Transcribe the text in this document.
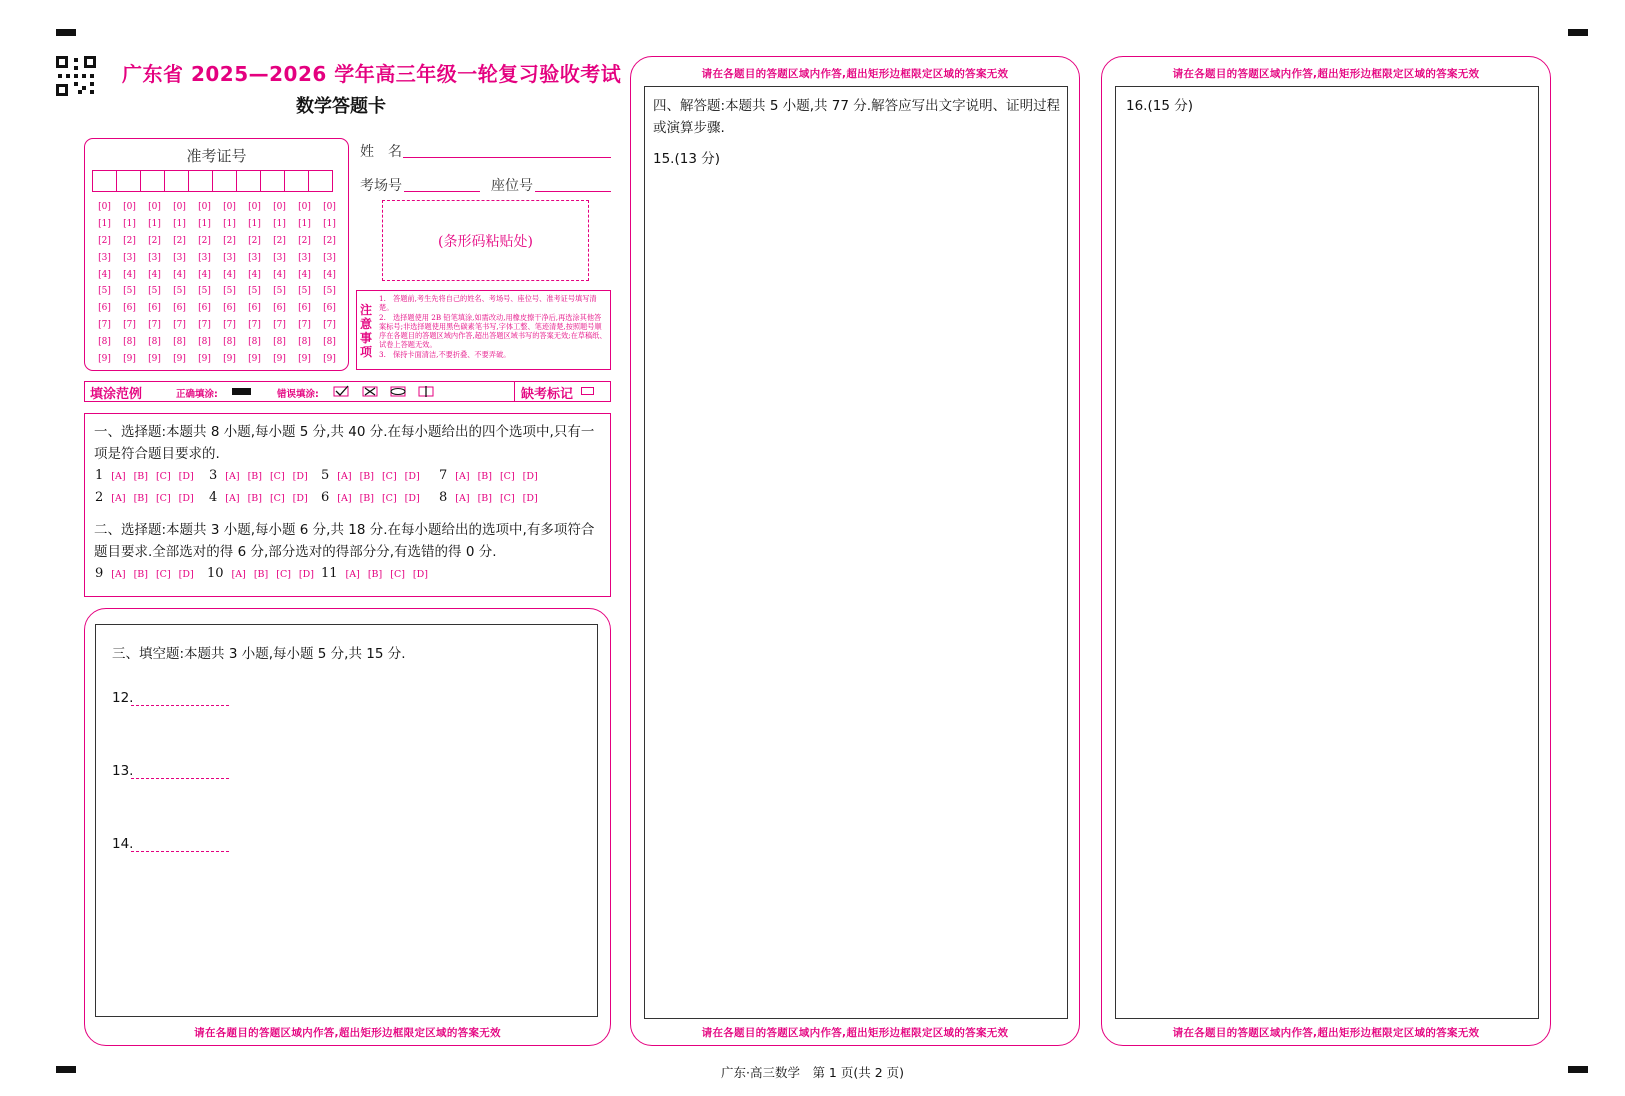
广东省 2025—2026 学年高三年级一轮复习验收考试
数学答题卡
准考证号
[0]	[0]	[0]	[0]	[0]	[0]	[0]	[0]	[0]	[0]
[1]	[1]	[1]	[1]	[1]	[1]	[1]	[1]	[1]	[1]
[2]	[2]	[2]	[2]	[2]	[2]	[2]	[2]	[2]	[2]
[3]	[3]	[3]	[3]	[3]	[3]	[3]	[3]	[3]	[3]
[4]	[4]	[4]	[4]	[4]	[4]	[4]	[4]	[4]	[4]
[5]	[5]	[5]	[5]	[5]	[5]	[5]	[5]	[5]	[5]
[6]	[6]	[6]	[6]	[6]	[6]	[6]	[6]	[6]	[6]
[7]	[7]	[7]	[7]	[7]	[7]	[7]	[7]	[7]	[7]
[8]	[8]	[8]	[8]	[8]	[8]	[8]	[8]	[8]	[8]
[9]	[9]	[9]	[9]	[9]	[9]	[9]	[9]	[9]	[9]
姓　名
考场号	座位号
(条形码粘贴处)
注意事项
1.　答题前,考生先将自己的姓名、考场号、座位号、准考证号填写清楚。
2.　选择题使用 2B 铅笔填涂,如需改动,用橡皮擦干净后,再选涂其他答案标号;非选择题使用黑色碳素笔书写,字体工整、笔迹清楚,按照题号顺序在各题目的答题区域内作答,超出答题区域书写的答案无效;在草稿纸、试卷上答题无效。
3.　保持卡面清洁,不要折叠、不要弄破。
填涂范例	正确填涂:	错误填涂:	缺考标记
一、选择题:本题共 8 小题,每小题 5 分,共 40 分.在每小题给出的四个选项中,只有一项是符合题目要求的.
1 [A] [B] [C] [D] 3 [A] [B] [C] [D] 5 [A] [B] [C] [D] 7 [A] [B] [C] [D]
2 [A] [B] [C] [D] 4 [A] [B] [C] [D] 6 [A] [B] [C] [D] 8 [A] [B] [C] [D]
二、选择题:本题共 3 小题,每小题 6 分,共 18 分.在每小题给出的选项中,有多项符合题目要求.全部选对的得 6 分,部分选对的得部分分,有选错的得 0 分.
9 [A] [B] [C] [D] 10 [A] [B] [C] [D] 11 [A] [B] [C] [D]
三、填空题:本题共 3 小题,每小题 5 分,共 15 分.
12.
13.
14.
请在各题目的答题区域内作答,超出矩形边框限定区域的答案无效
请在各题目的答题区域内作答,超出矩形边框限定区域的答案无效
四、解答题:本题共 5 小题,共 77 分.解答应写出文字说明、证明过程或演算步骤.
15.(13 分)
请在各题目的答题区域内作答,超出矩形边框限定区域的答案无效
请在各题目的答题区域内作答,超出矩形边框限定区域的答案无效
16.(15 分)
请在各题目的答题区域内作答,超出矩形边框限定区域的答案无效
广东·高三数学　第 1 页(共 2 页)
